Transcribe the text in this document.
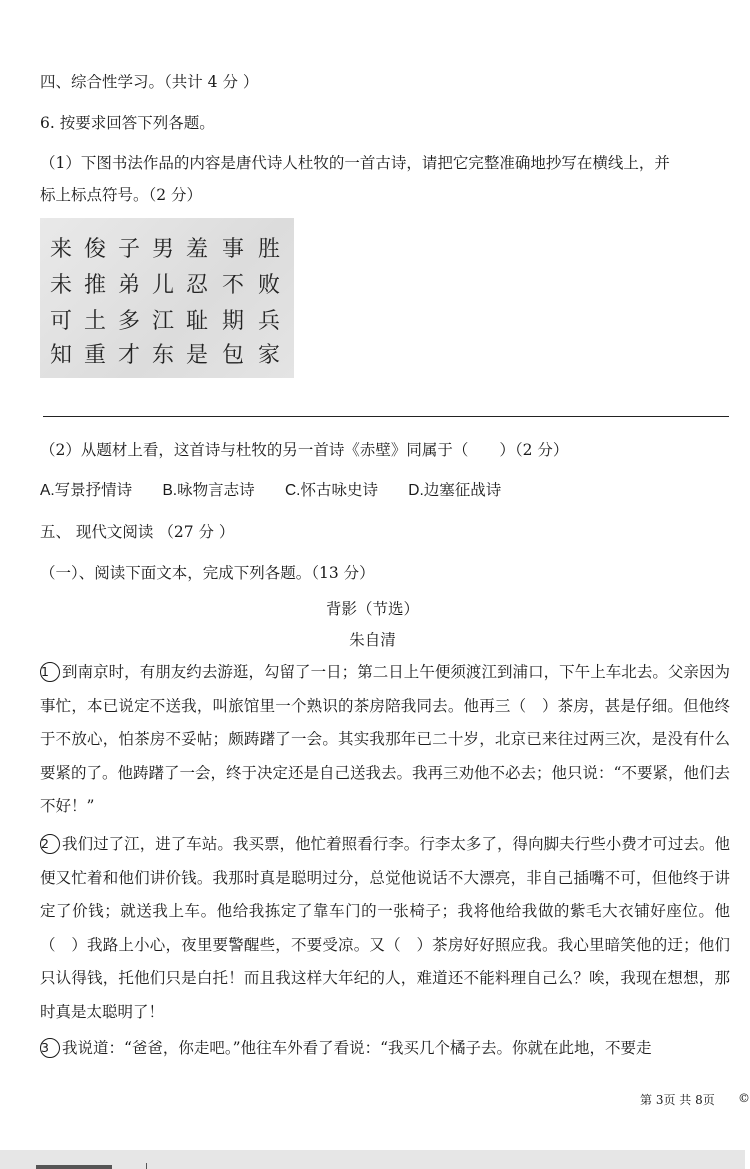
四、综合性学习。（共计 4 分 ）
6. 按要求回答下列各题。
（1）下图书法作品的内容是唐代诗人杜牧的一首古诗，请把它完整准确地抄写在横线上，并
标上标点符号。（2 分）
胜
败
兵
家
事
不
期
包
羞
忍
耻
是
男
儿
江
东
子
弟
多
才
俊
推
土
重
来
未
可
知
（2）从题材上看，这首诗与杜牧的另一首诗《赤壁》同属于（　　）（2 分）
A.写景抒情诗 B.咏物言志诗 C.怀古咏史诗 D.边塞征战诗
五、 现代文阅读 （27 分 ）
（一）、阅读下面文本，完成下列各题。（13 分）
背影（节选）
朱自清
1 到南京时，有朋友约去游逛，勾留了一日；第二日上午便须渡江到浦口，下午上车北去。父亲因为事忙，本已说定不送我，叫旅馆里一个熟识的茶房陪我同去。他再三（　）茶房，甚是仔细。但他终于不放心，怕茶房不妥帖；颇踌躇了一会。其实我那年已二十岁，北京已来往过两三次，是没有什么要紧的了。他踌躇了一会，终于决定还是自己送我去。我再三劝他不必去；他只说：“不要紧，他们去不好！”
2 我们过了江，进了车站。我买票，他忙着照看行李。行李太多了，得向脚夫行些小费才可过去。他便又忙着和他们讲价钱。我那时真是聪明过分，总觉他说话不大漂亮，非自己插嘴不可，但他终于讲定了价钱；就送我上车。他给我拣定了靠车门的一张椅子；我将他给我做的紫毛大衣铺好座位。他（　）我路上小心，夜里要警醒些，不要受凉。又（　）茶房好好照应我。我心里暗笑他的迂；他们只认得钱，托他们只是白托！而且我这样大年纪的人，难道还不能料理自己么？唉，我现在想想，那时真是太聪明了！
3 我说道：“爸爸，你走吧。”他往车外看了看说：“我买几个橘子去。你就在此地，不要走
第 3页 共 8页 ©
